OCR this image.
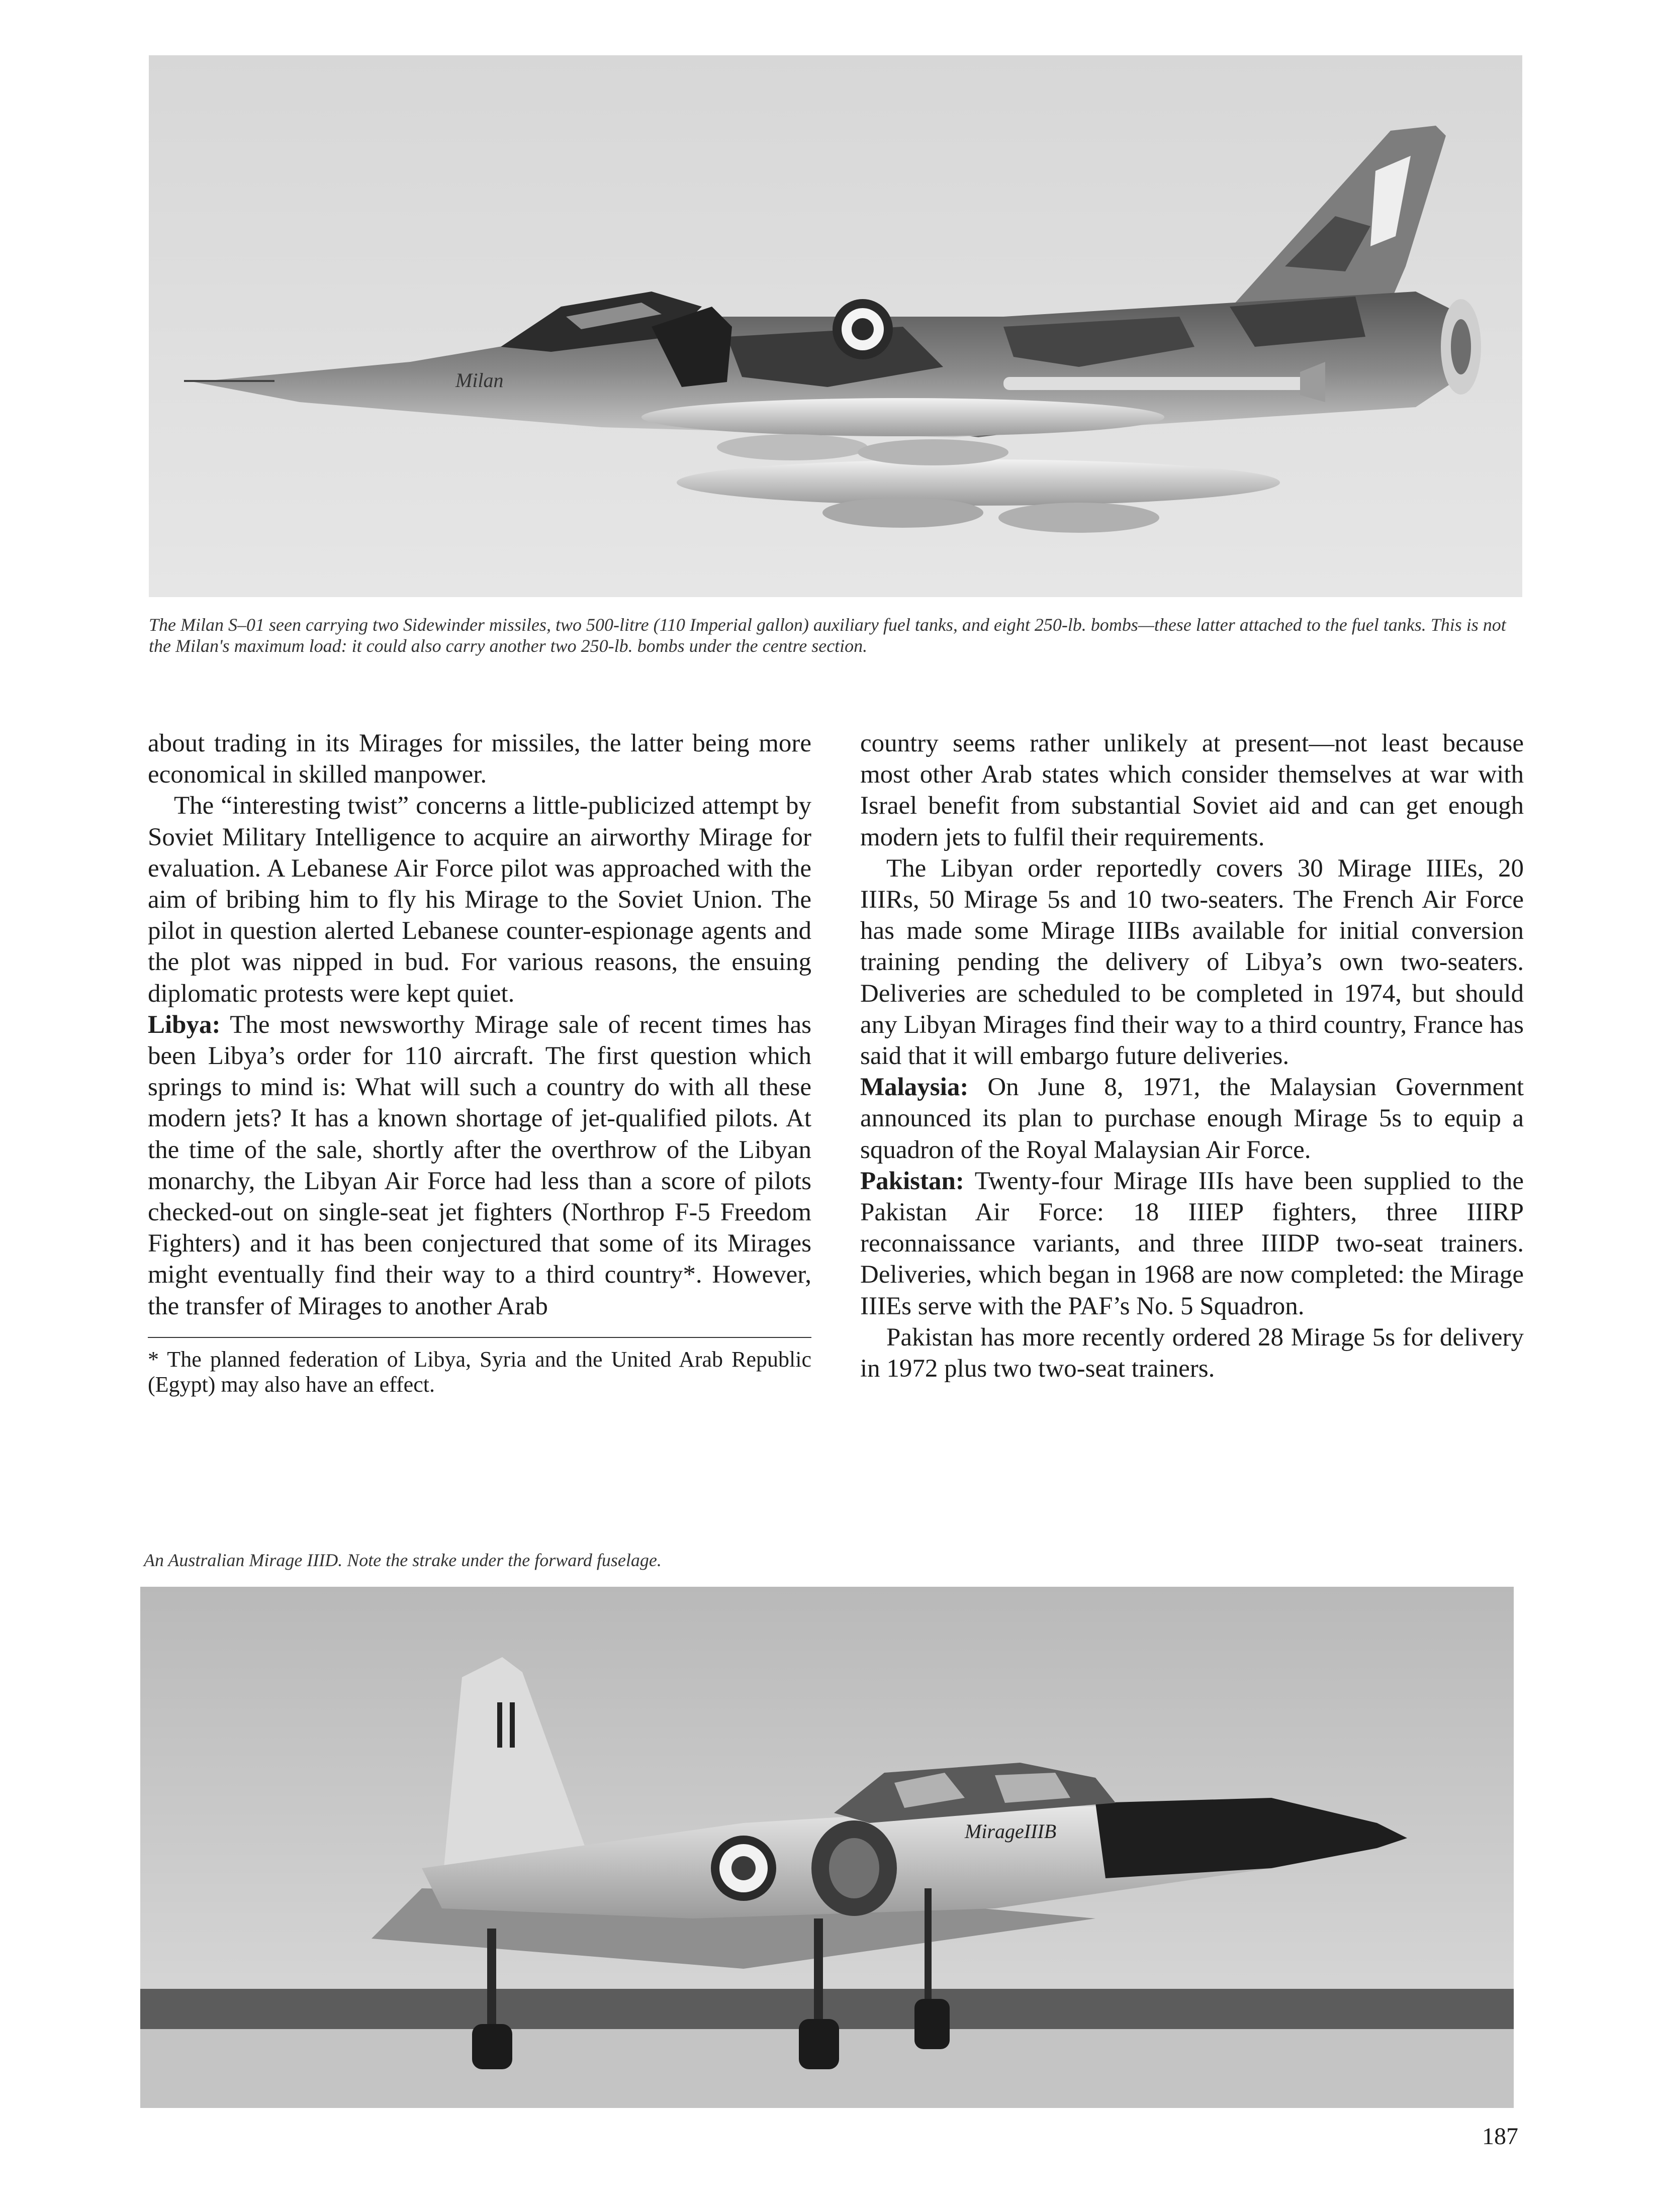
Milan

The Milan S–01 seen carrying two Sidewinder missiles, two 500-litre (110 Imperial gallon) auxiliary fuel tanks, and eight 250-lb. bombs—these latter attached to the fuel tanks. This is not the Milan's maximum load: it could also carry another two 250-lb. bombs under the centre section.

about trading in its Mirages for missiles, the latter being more economical in skilled manpower.

The “interesting twist” concerns a little-publicized attempt by Soviet Military Intelligence to acquire an airworthy Mirage for evaluation. A Lebanese Air Force pilot was approached with the aim of bribing him to fly his Mirage to the Soviet Union. The pilot in question alerted Lebanese counter-espionage agents and the plot was nipped in bud. For various reasons, the ensuing diplomatic protests were kept quiet.

Libya: The most newsworthy Mirage sale of recent times has been Libya’s order for 110 aircraft. The first question which springs to mind is: What will such a country do with all these modern jets? It has a known shortage of jet-qualified pilots. At the time of the sale, shortly after the overthrow of the Libyan monarchy, the Libyan Air Force had less than a score of pilots checked-out on single-seat jet fighters (Northrop F-5 Freedom Fighters) and it has been conjectured that some of its Mirages might eventually find their way to a third country*. However, the transfer of Mirages to another Arab

* The planned federation of Libya, Syria and the United Arab Republic (Egypt) may also have an effect.

country seems rather unlikely at present—not least because most other Arab states which consider themselves at war with Israel benefit from substantial Soviet aid and can get enough modern jets to fulfil their requirements.

The Libyan order reportedly covers 30 Mirage IIIEs, 20 IIIRs, 50 Mirage 5s and 10 two-seaters. The French Air Force has made some Mirage IIIBs available for initial conversion training pending the delivery of Libya’s own two-seaters. Deliveries are scheduled to be completed in 1974, but should any Libyan Mirages find their way to a third country, France has said that it will embargo future deliveries.

Malaysia: On June 8, 1971, the Malaysian Government announced its plan to purchase enough Mirage 5s to equip a squadron of the Royal Malaysian Air Force.

Pakistan: Twenty-four Mirage IIIs have been supplied to the Pakistan Air Force: 18 IIIEP fighters, three IIIRP reconnaissance variants, and three IIIDP two-seat trainers. Deliveries, which began in 1968 are now completed: the Mirage IIIEs serve with the PAF’s No. 5 Squadron.

Pakistan has more recently ordered 28 Mirage 5s for delivery in 1972 plus two two-seat trainers.

An Australian Mirage IIID. Note the strake under the forward fuselage.

MirageIIIB
187
